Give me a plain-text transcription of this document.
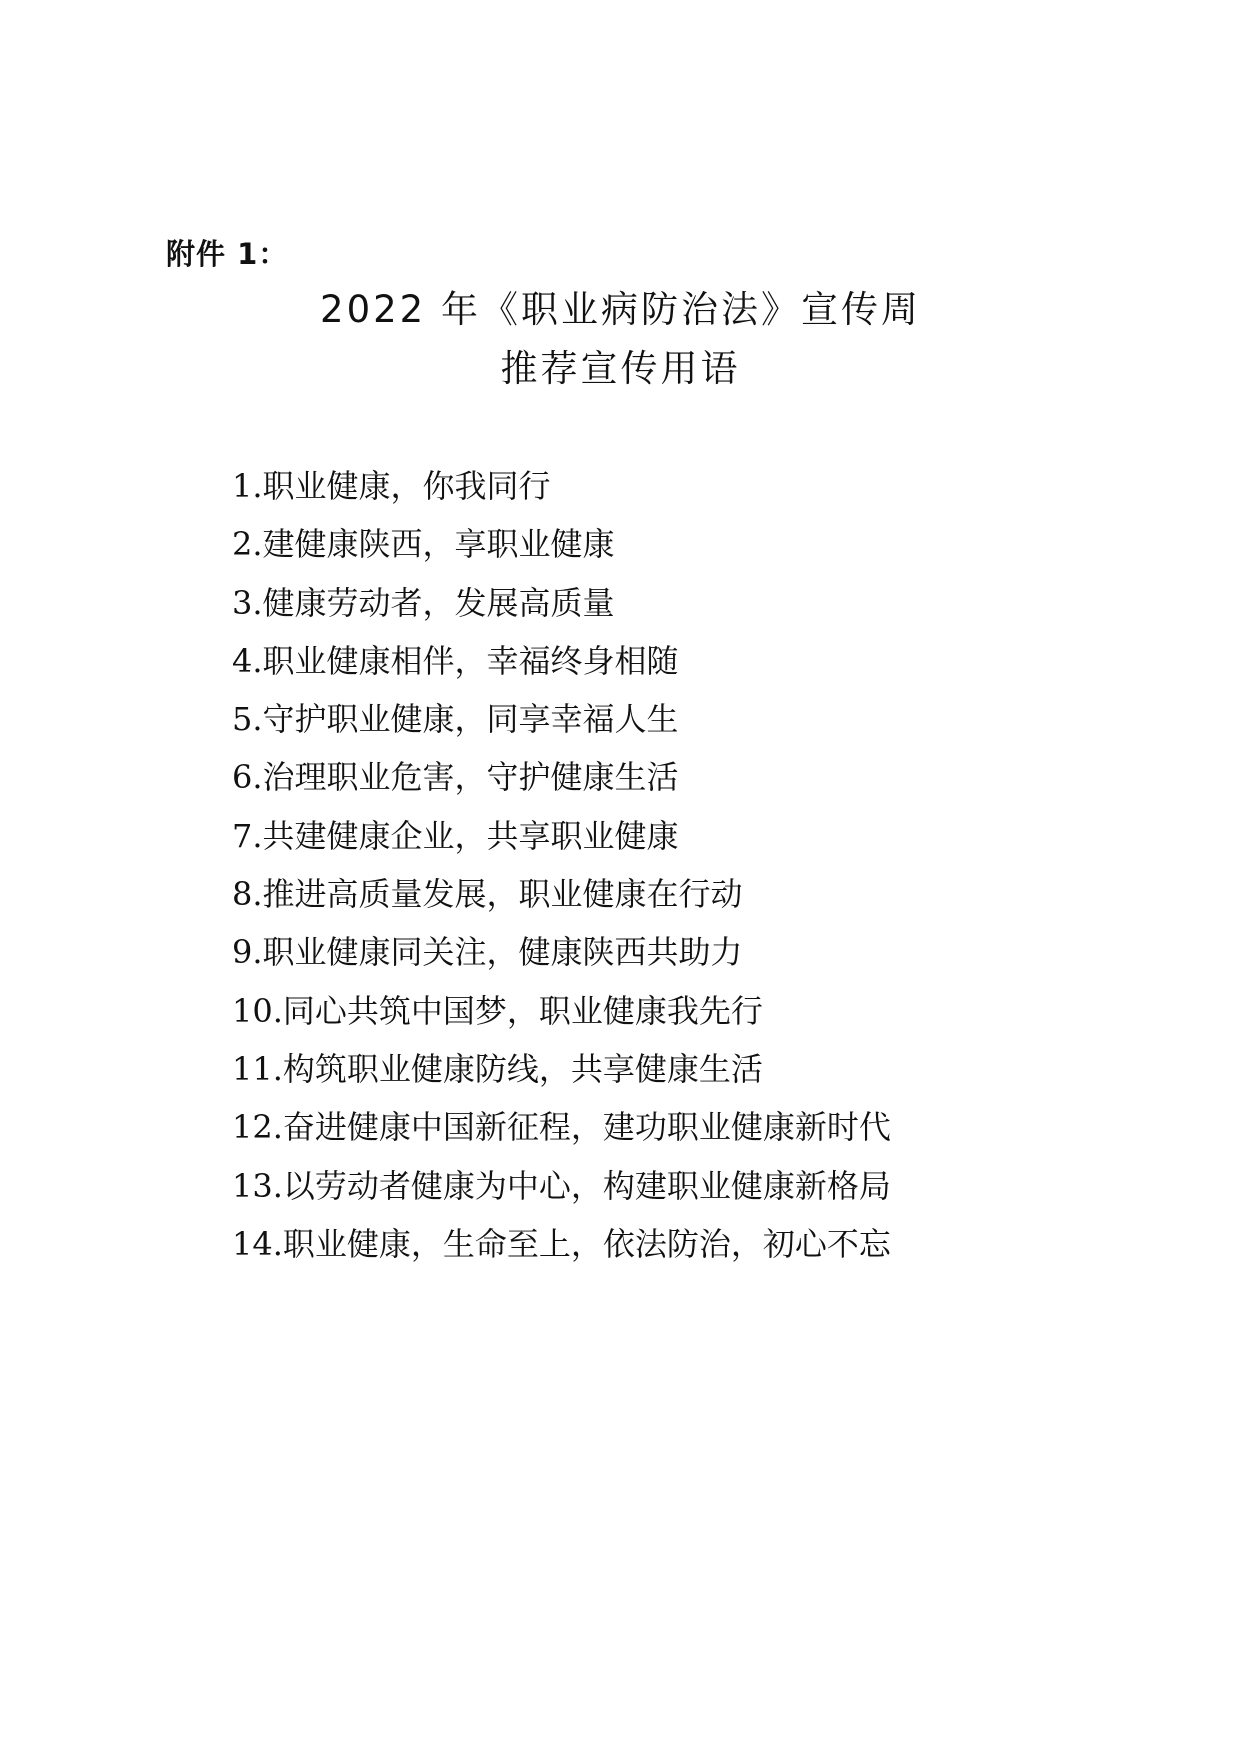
附件 1：
2022 年《职业病防治法》宣传周
推荐宣传用语
1.职业健康，你我同行
2.建健康陕西，享职业健康
3.健康劳动者，发展高质量
4.职业健康相伴，幸福终身相随
5.守护职业健康，同享幸福人生
6.治理职业危害，守护健康生活
7.共建健康企业，共享职业健康
8.推进高质量发展，职业健康在行动
9.职业健康同关注，健康陕西共助力
10.同心共筑中国梦，职业健康我先行
11.构筑职业健康防线，共享健康生活
12.奋进健康中国新征程，建功职业健康新时代
13.以劳动者健康为中心，构建职业健康新格局
14.职业健康，生命至上，依法防治，初心不忘
